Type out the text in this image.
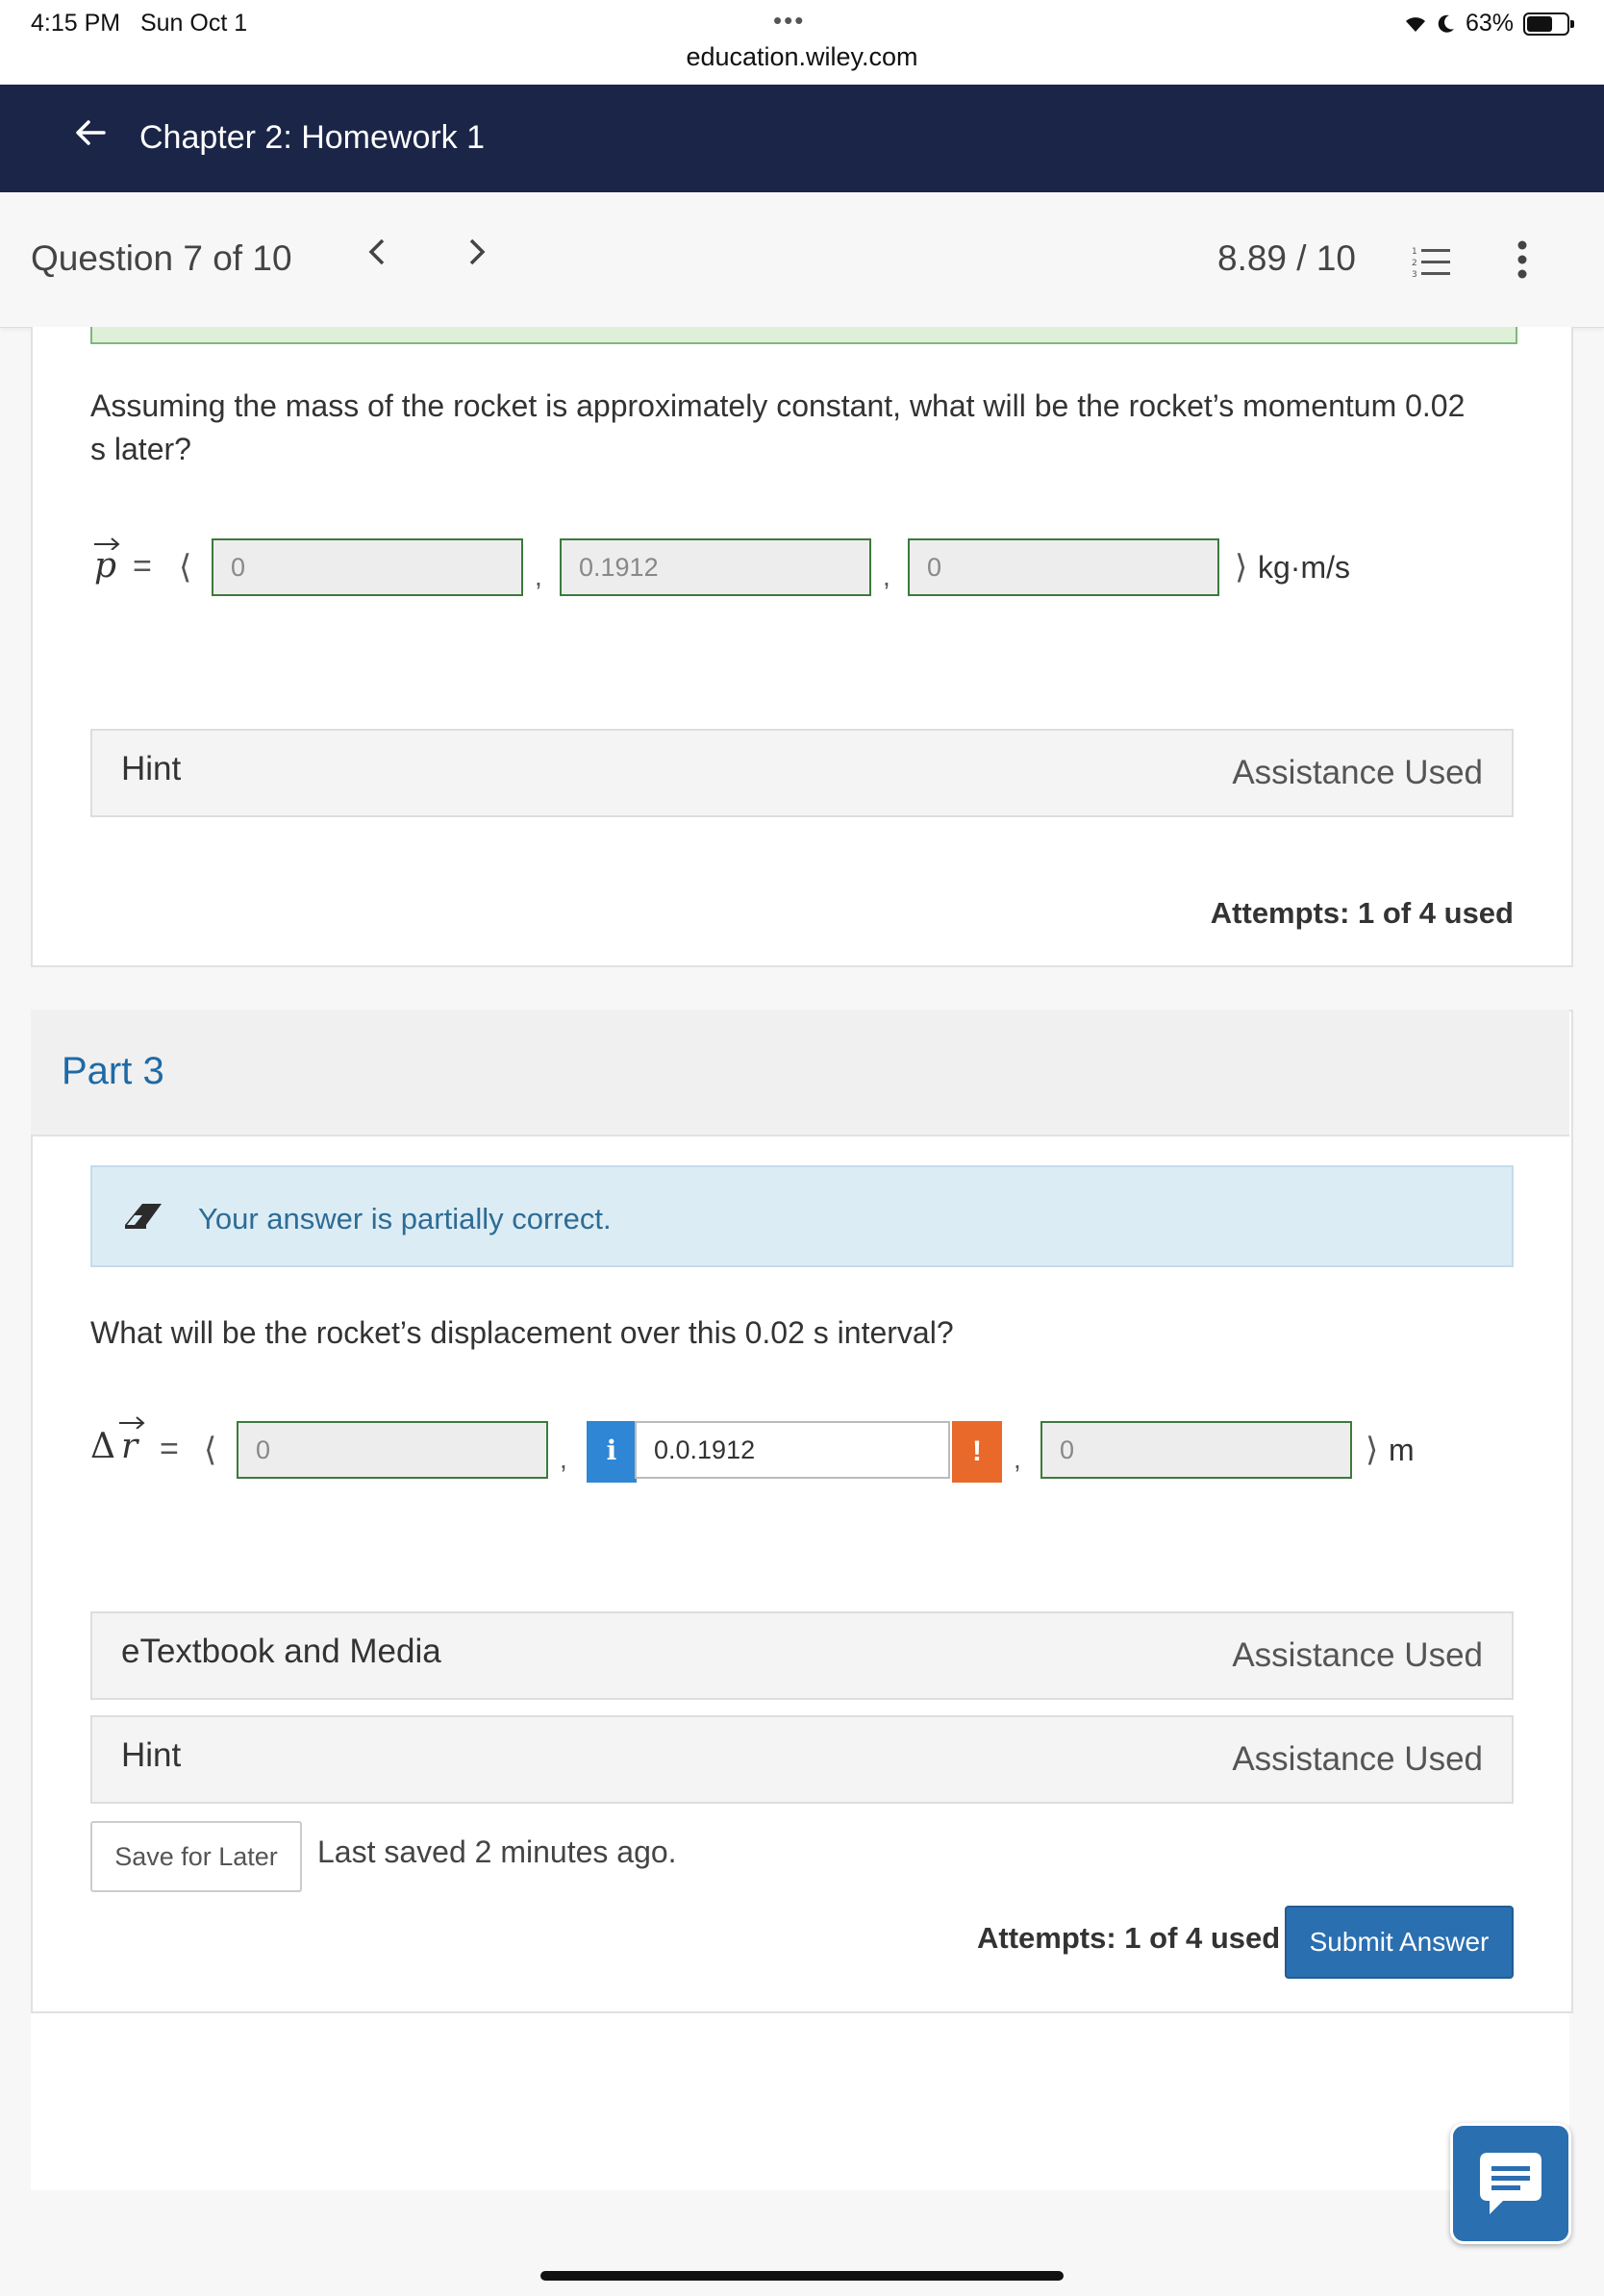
4:15 PM Sun Oct 1	•••
education.wiley.com
63%
Chapter 2: Homework 1
Question 7 of 10	8.89 / 10	1
2
3
Assuming the mass of the rocket is approximately constant, what will be the rocket’s momentum 0.02 s later?
p = ⟨	0	,	0.1912	,	0	⟩ kg·m/s
Hint	Assistance Used
Attempts: 1 of 4 used
Part 3
Your answer is partially correct.
What will be the rocket’s displacement over this 0.02 s interval?
Δ r = ⟨	0	,	i	0.0.1912	!	,	0	⟩ m
eTextbook and Media	Assistance Used
Hint	Assistance Used
Save for Later	Last saved 2 minutes ago.
Attempts: 1 of 4 used	Submit Answer
